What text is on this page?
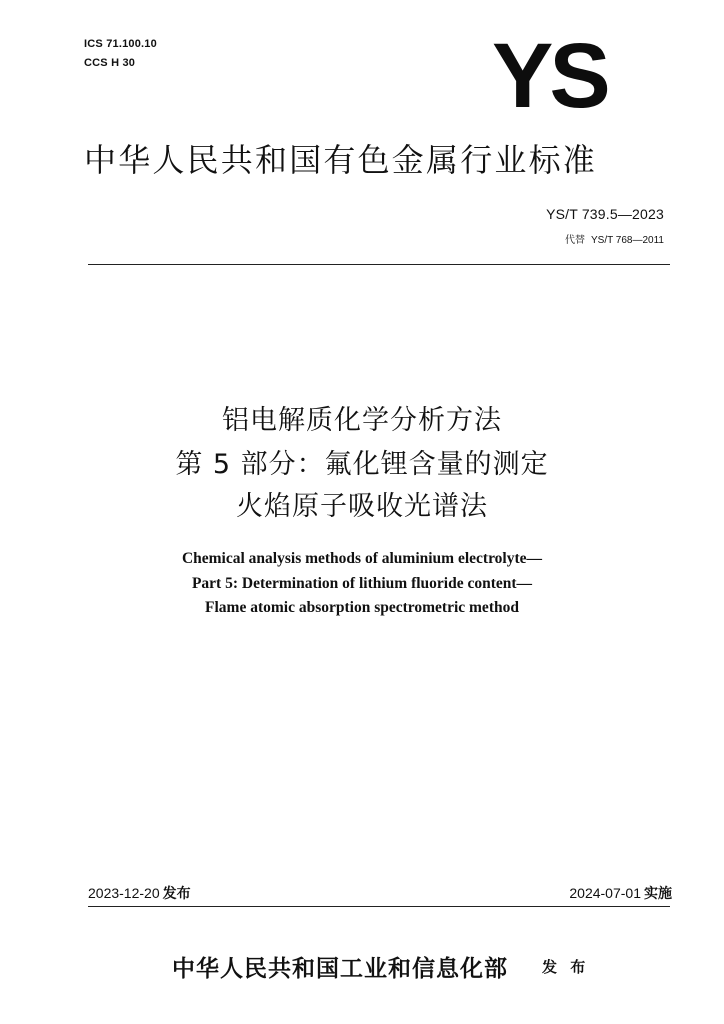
ICS 71.100.10
CCS H 30	YS
中华人民共和国有色金属行业标准
YS/T 739.5—2023
代替 YS/T 768—2011
铝电解质化学分析方法
第 5 部分：氟化锂含量的测定
火焰原子吸收光谱法
Chemical analysis methods of aluminium electrolyte—
Part 5: Determination of lithium fluoride content—
Flame atomic absorption spectrometric method
2023-12-20 发布	2024-07-01 实施
中华人民共和国工业和信息化部 发 布
